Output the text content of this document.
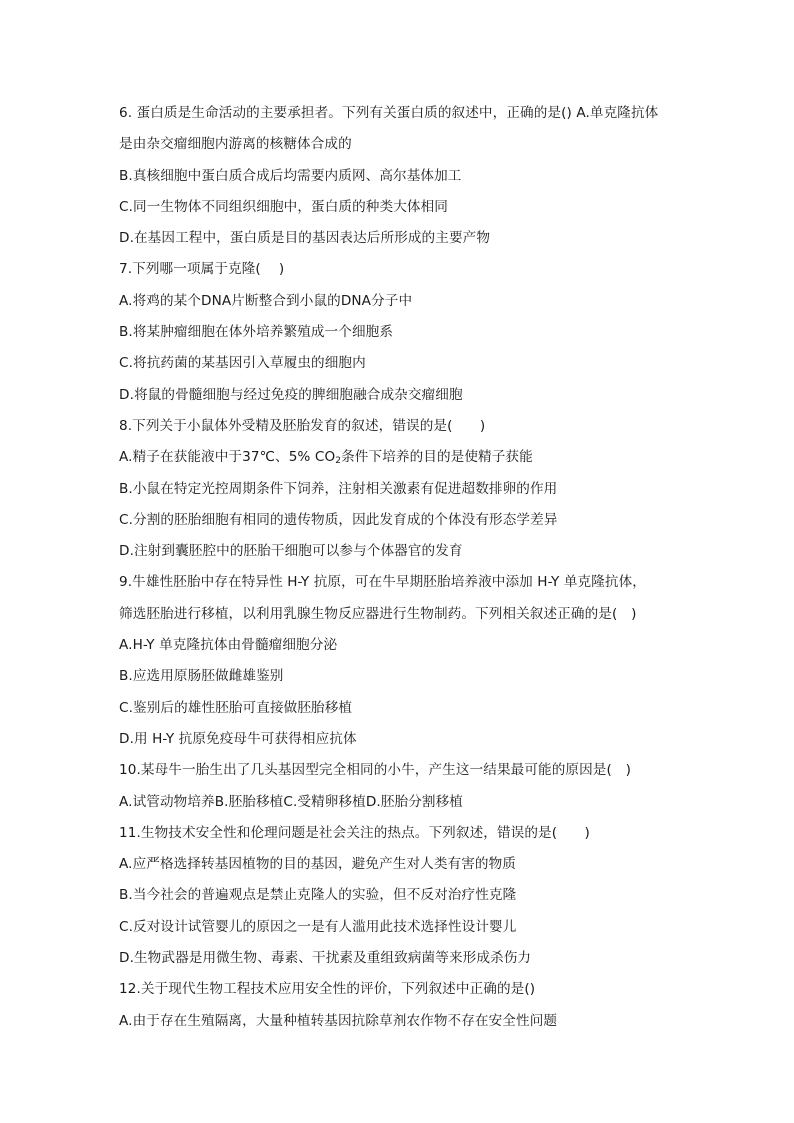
6. 蛋白质是生命活动的主要承担者。下列有关蛋白质的叙述中，正确的是() A.单克隆抗体
是由杂交瘤细胞内游离的核糖体合成的
B.真核细胞中蛋白质合成后均需要内质网、高尔基体加工
C.同一生物体不同组织细胞中，蛋白质的种类大体相同
D.在基因工程中，蛋白质是目的基因表达后所形成的主要产物
7.下列哪一项属于克隆(　 )
A.将鸡的某个DNA片断整合到小鼠的DNA分子中
B.将某肿瘤细胞在体外培养繁殖成一个细胞系
C.将抗药菌的某基因引入草履虫的细胞内
D.将鼠的骨髓细胞与经过免疫的脾细胞融合成杂交瘤细胞
8.下列关于小鼠体外受精及胚胎发育的叙述，错误的是(　　)
A.精子在获能液中于37℃、5% $CO_2$条件下培养的目的是使精子获能
B.小鼠在特定光控周期条件下饲养，注射相关激素有促进超数排卵的作用
C.分割的胚胎细胞有相同的遗传物质，因此发育成的个体没有形态学差异
D.注射到囊胚腔中的胚胎干细胞可以参与个体器官的发育
9.牛雄性胚胎中存在特异性 H-Y 抗原，可在牛早期胚胎培养液中添加 H-Y 单克隆抗体，
筛选胚胎进行移植，以利用乳腺生物反应器进行生物制药。下列相关叙述正确的是(　)
A.H-Y 单克隆抗体由骨髓瘤细胞分泌
B.应选用原肠胚做雌雄鉴别
C.鉴别后的雄性胚胎可直接做胚胎移植
D.用 H-Y 抗原免疫母牛可获得相应抗体
10.某母牛一胎生出了几头基因型完全相同的小牛，产生这一结果最可能的原因是(　)
A.试管动物培养B.胚胎移植C.受精卵移植D.胚胎分割移植
11.生物技术安全性和伦理问题是社会关注的热点。下列叙述，错误的是(　　)
A.应严格选择转基因植物的目的基因，避免产生对人类有害的物质
B.当今社会的普遍观点是禁止克隆人的实验，但不反对治疗性克隆
C.反对设计试管婴儿的原因之一是有人滥用此技术选择性设计婴儿
D.生物武器是用微生物、毒素、干扰素及重组致病菌等来形成杀伤力
12.关于现代生物工程技术应用安全性的评价，下列叙述中正确的是()
A.由于存在生殖隔离，大量种植转基因抗除草剂农作物不存在安全性问题
